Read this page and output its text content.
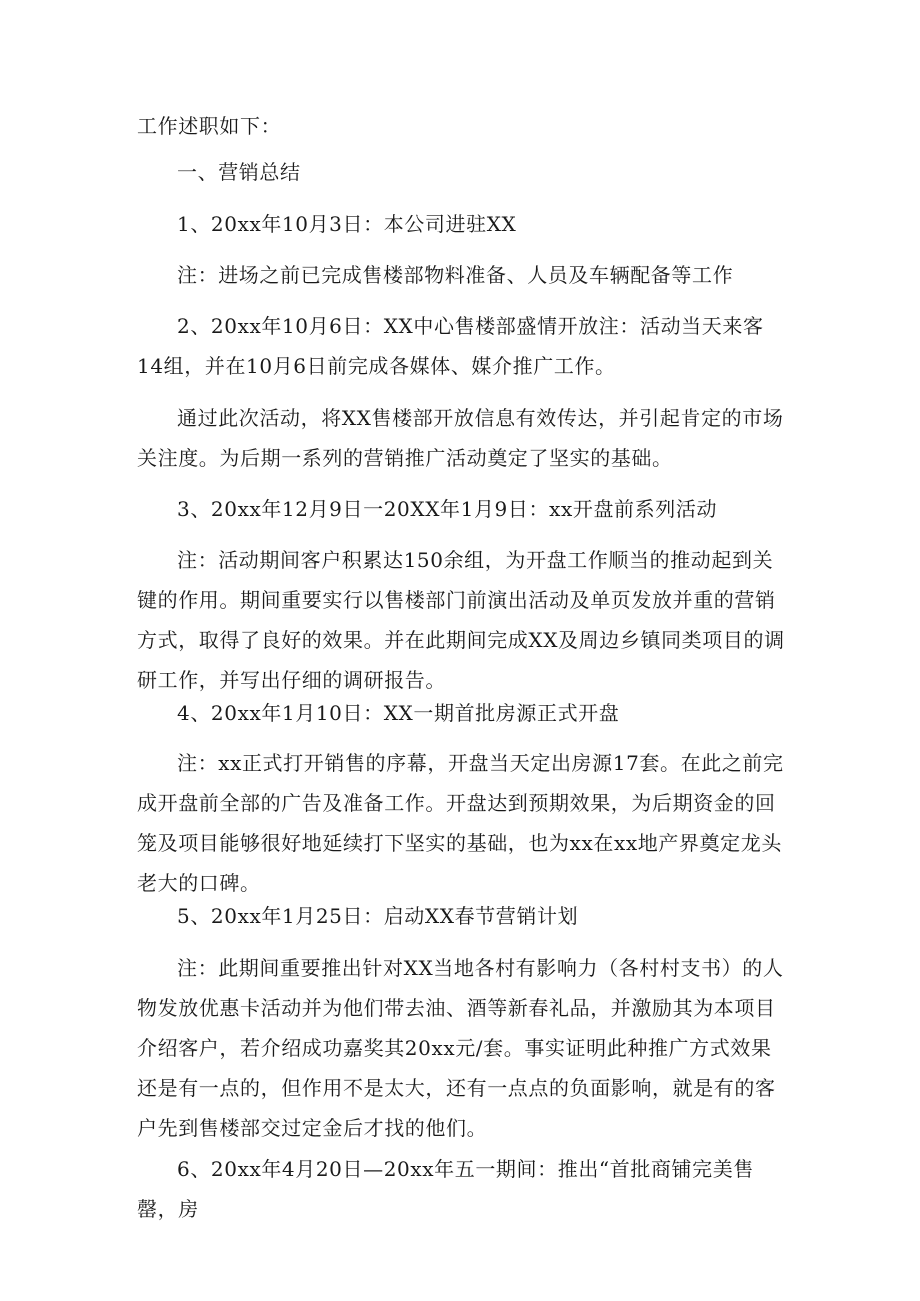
工作述职如下：

一、营销总结

1、20xx年10月3日：本公司进驻XX

注：进场之前已完成售楼部物料准备、人员及车辆配备等工作

2、20xx年10月6日：XX中心售楼部盛情开放注：活动当天来客14组，并在10月6日前完成各媒体、媒介推广工作。

通过此次活动，将XX售楼部开放信息有效传达，并引起肯定的市场关注度。为后期一系列的营销推广活动奠定了坚实的基础。

3、20xx年12月9日一20XX年1月9日：xx开盘前系列活动

注：活动期间客户积累达150余组，为开盘工作顺当的推动起到关键的作用。期间重要实行以售楼部门前演出活动及单页发放并重的营销方式，取得了良好的效果。并在此期间完成XX及周边乡镇同类项目的调研工作，并写出仔细的调研报告。

4、20xx年1月10日：XX一期首批房源正式开盘

注：xx正式打开销售的序幕，开盘当天定出房源17套。在此之前完成开盘前全部的广告及准备工作。开盘达到预期效果，为后期资金的回笼及项目能够很好地延续打下坚实的基础，也为xx在xx地产界奠定龙头老大的口碑。

5、20xx年1月25日：启动XX春节营销计划

注：此期间重要推出针对XX当地各村有影响力（各村村支书）的人物发放优惠卡活动并为他们带去油、酒等新春礼品，并激励其为本项目介绍客户，若介绍成功嘉奖其20xx元/套。事实证明此种推广方式效果还是有一点的，但作用不是太大，还有一点点的负面影响，就是有的客户先到售楼部交过定金后才找的他们。

6、20xx年4月20日—20xx年五一期间：推出“首批商铺完美售罄，房
